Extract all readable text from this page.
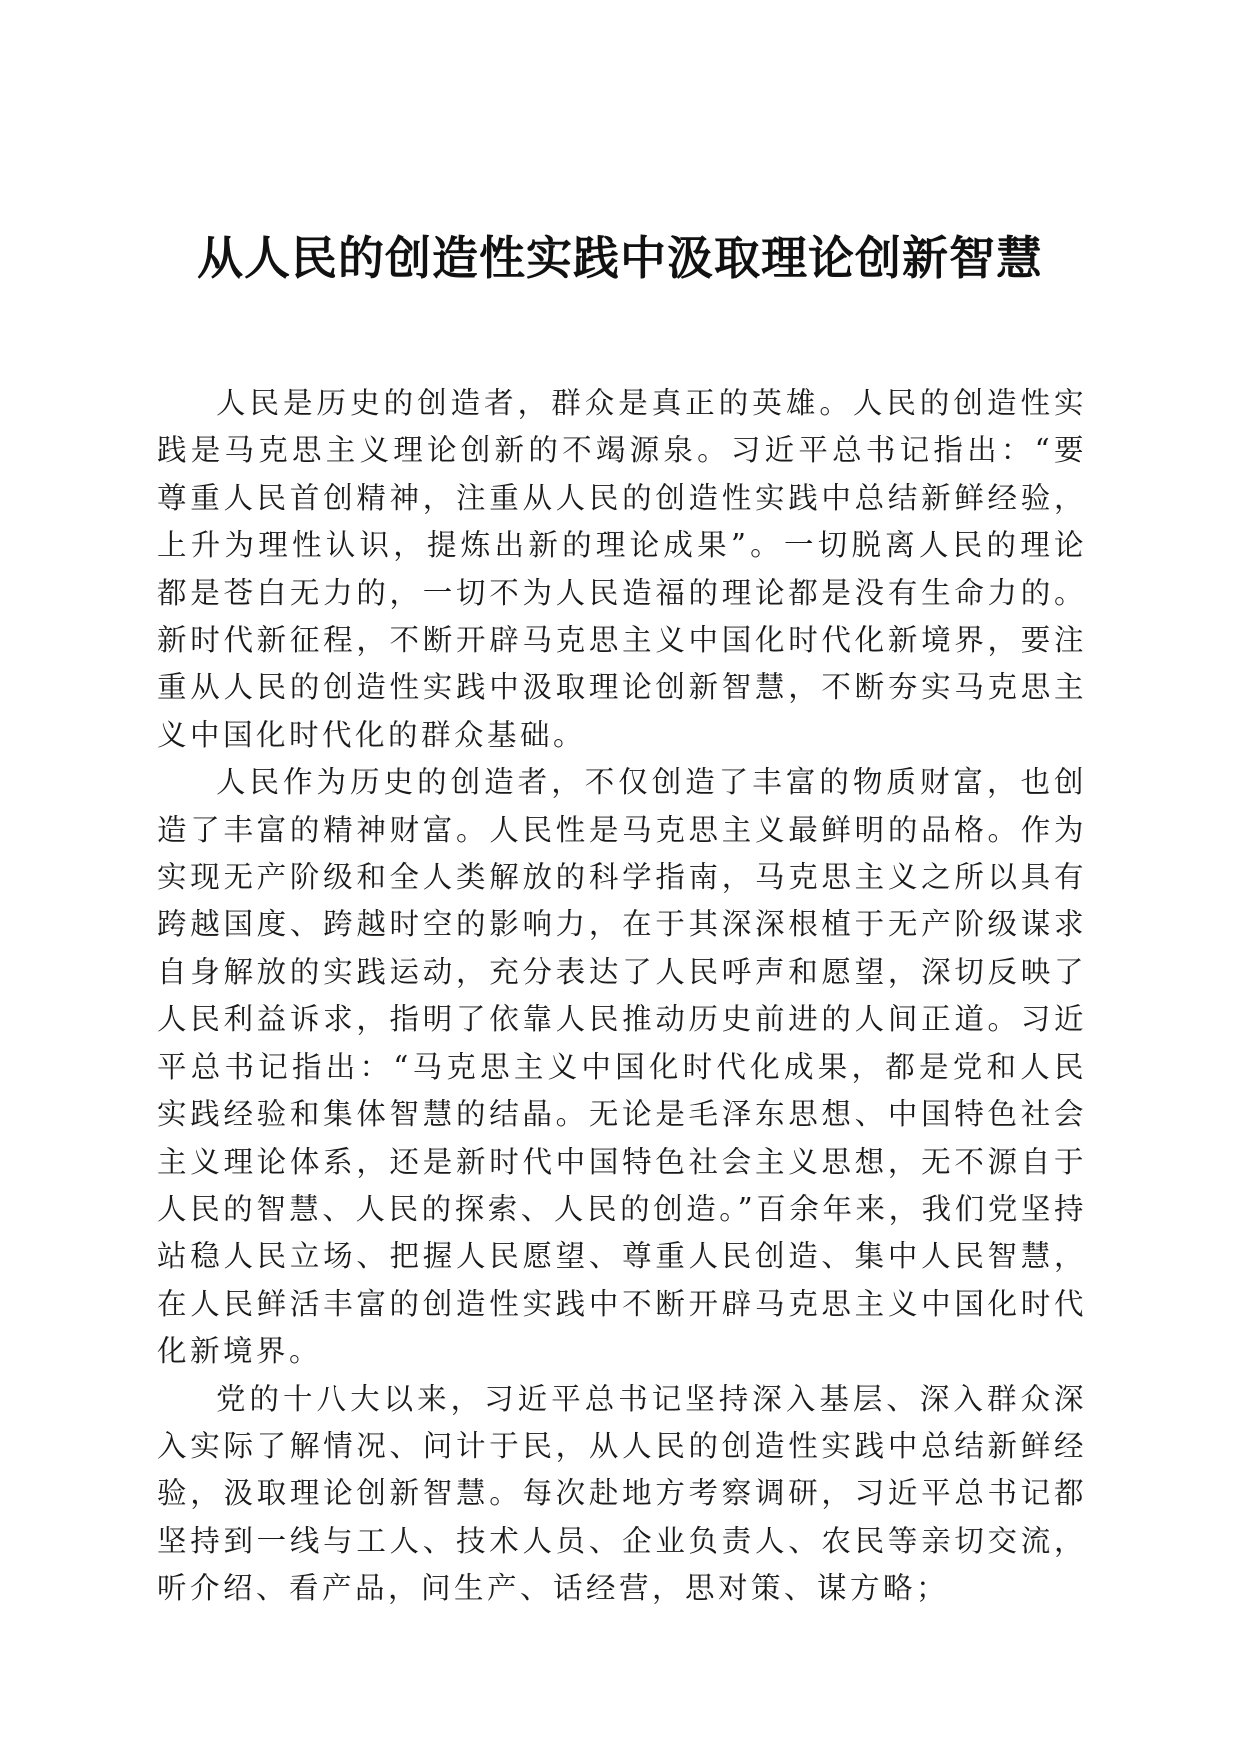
从人民的创造性实践中汲取理论创新智慧

人民是历史的创造者，群众是真正的英雄。人民的创造性实践是马克思主义理论创新的不竭源泉。习近平总书记指出：“要尊重人民首创精神，注重从人民的创造性实践中总结新鲜经验，上升为理性认识，提炼出新的理论成果”。一切脱离人民的理论都是苍白无力的，一切不为人民造福的理论都是没有生命力的。新时代新征程，不断开辟马克思主义中国化时代化新境界，要注重从人民的创造性实践中汲取理论创新智慧，不断夯实马克思主义中国化时代化的群众基础。

人民作为历史的创造者，不仅创造了丰富的物质财富，也创造了丰富的精神财富。人民性是马克思主义最鲜明的品格。作为实现无产阶级和全人类解放的科学指南，马克思主义之所以具有跨越国度、跨越时空的影响力，在于其深深根植于无产阶级谋求自身解放的实践运动，充分表达了人民呼声和愿望，深切反映了人民利益诉求，指明了依靠人民推动历史前进的人间正道。习近平总书记指出：“马克思主义中国化时代化成果，都是党和人民实践经验和集体智慧的结晶。无论是毛泽东思想、中国特色社会主义理论体系，还是新时代中国特色社会主义思想，无不源自于人民的智慧、人民的探索、人民的创造。”百余年来，我们党坚持站稳人民立场、把握人民愿望、尊重人民创造、集中人民智慧，在人民鲜活丰富的创造性实践中不断开辟马克思主义中国化时代化新境界。

党的十八大以来，习近平总书记坚持深入基层、深入群众深入实际了解情况、问计于民，从人民的创造性实践中总结新鲜经验，汲取理论创新智慧。每次赴地方考察调研，习近平总书记都坚持到一线与工人、技术人员、企业负责人、农民等亲切交流，听介绍、看产品，问生产、话经营，思对策、谋方略；
